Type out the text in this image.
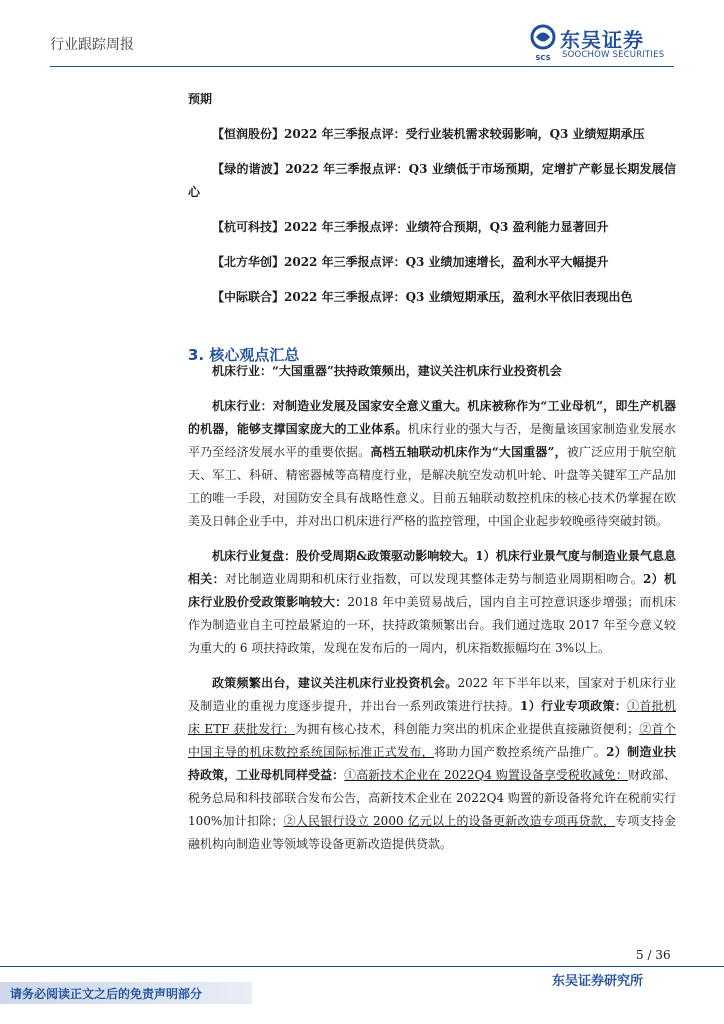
行业跟踪周报
SCS
东吴证券
SOOCHOW SECURITIES

预期

【恒润股份】2022 年三季报点评：受行业装机需求较弱影响，Q3 业绩短期承压

【绿的谐波】2022 年三季报点评：Q3 业绩低于市场预期，定增扩产彰显长期发展信心

【杭可科技】2022 年三季报点评：业绩符合预期，Q3 盈利能力显著回升

【北方华创】2022 年三季报点评：Q3 业绩加速增长，盈利水平大幅提升

【中际联合】2022 年三季报点评：Q3 业绩短期承压，盈利水平依旧表现出色

3. 核心观点汇总

机床行业：“大国重器”扶持政策频出，建议关注机床行业投资机会

机床行业：对制造业发展及国家安全意义重大。机床被称作为“工业母机”，即生产机器的机器，能够支撑国家庞大的工业体系。机床行业的强大与否，是衡量该国家制造业发展水平乃至经济发展水平的重要依据。高档五轴联动机床作为“大国重器”，被广泛应用于航空航天、军工、科研、精密器械等高精度行业，是解决航空发动机叶轮、叶盘等关键军工产品加工的唯一手段，对国防安全具有战略性意义。目前五轴联动数控机床的核心技术仍掌握在欧美及日韩企业手中，并对出口机床进行严格的监控管理，中国企业起步较晚亟待突破封锁。

机床行业复盘：股价受周期&政策驱动影响较大。1）机床行业景气度与制造业景气息息相关：对比制造业周期和机床行业指数，可以发现其整体走势与制造业周期相吻合。2）机床行业股价受政策影响较大：2018 年中美贸易战后，国内自主可控意识逐步增强；而机床作为制造业自主可控最紧迫的一环，扶持政策频繁出台。我们通过选取 2017 年至今意义较为重大的 6 项扶持政策，发现在发布后的一周内，机床指数振幅均在 3%以上。

政策频繁出台，建议关注机床行业投资机会。2022 年下半年以来，国家对于机床行业及制造业的重视力度逐步提升，并出台一系列政策进行扶持。1）行业专项政策：①首批机床 ETF 获批发行：为拥有核心技术，科创能力突出的机床企业提供直接融资便利；②首个中国主导的机床数控系统国际标准正式发布，将助力国产数控系统产品推广。2）制造业扶持政策，工业母机同样受益：①高新技术企业在 2022Q4 购置设备享受税收减免：财政部、税务总局和科技部联合发布公告，高新技术企业在 2022Q4 购置的新设备将允许在税前实行 100%加计扣除；②人民银行设立 2000 亿元以上的设备更新改造专项再贷款，专项支持金融机构向制造业等领域等设备更新改造提供贷款。

5 / 36
东吴证券研究所
请务必阅读正文之后的免责声明部分
